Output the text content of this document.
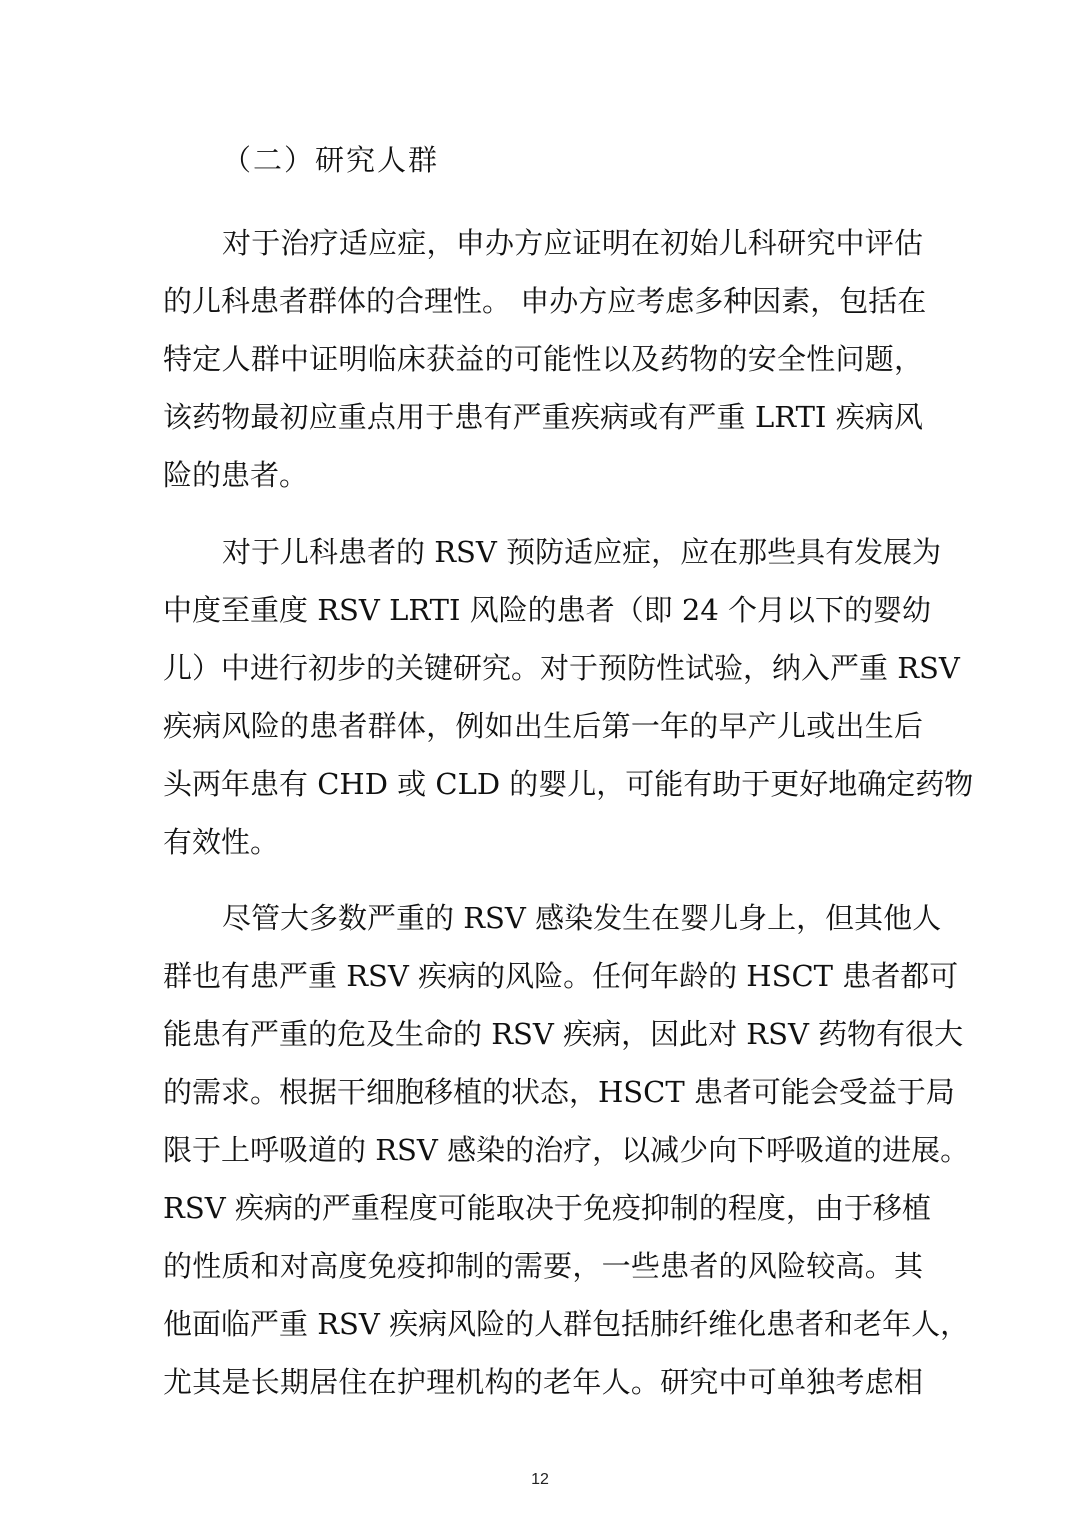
（二）研究人群
对于治疗适应症，申办方应证明在初始儿科研究中评估
的儿科患者群体的合理性。 申办方应考虑多种因素，包括在
特定人群中证明临床获益的可能性以及药物的安全性问题，
该药物最初应重点用于患有严重疾病或有严重 LRTI 疾病风
险的患者。
对于儿科患者的 RSV 预防适应症，应在那些具有发展为
中度至重度 RSV LRTI 风险的患者（即 24 个月以下的婴幼
儿）中进行初步的关键研究。对于预防性试验，纳入严重 RSV
疾病风险的患者群体，例如出生后第一年的早产儿或出生后
头两年患有 CHD 或 CLD 的婴儿，可能有助于更好地确定药物
有效性。
尽管大多数严重的 RSV 感染发生在婴儿身上，但其他人
群也有患严重 RSV 疾病的风险。任何年龄的 HSCT 患者都可
能患有严重的危及生命的 RSV 疾病，因此对 RSV 药物有很大
的需求。根据干细胞移植的状态，HSCT 患者可能会受益于局
限于上呼吸道的 RSV 感染的治疗，以减少向下呼吸道的进展。
RSV 疾病的严重程度可能取决于免疫抑制的程度，由于移植
的性质和对高度免疫抑制的需要，一些患者的风险较高。其
他面临严重 RSV 疾病风险的人群包括肺纤维化患者和老年人，
尤其是长期居住在护理机构的老年人。研究中可单独考虑相
12
